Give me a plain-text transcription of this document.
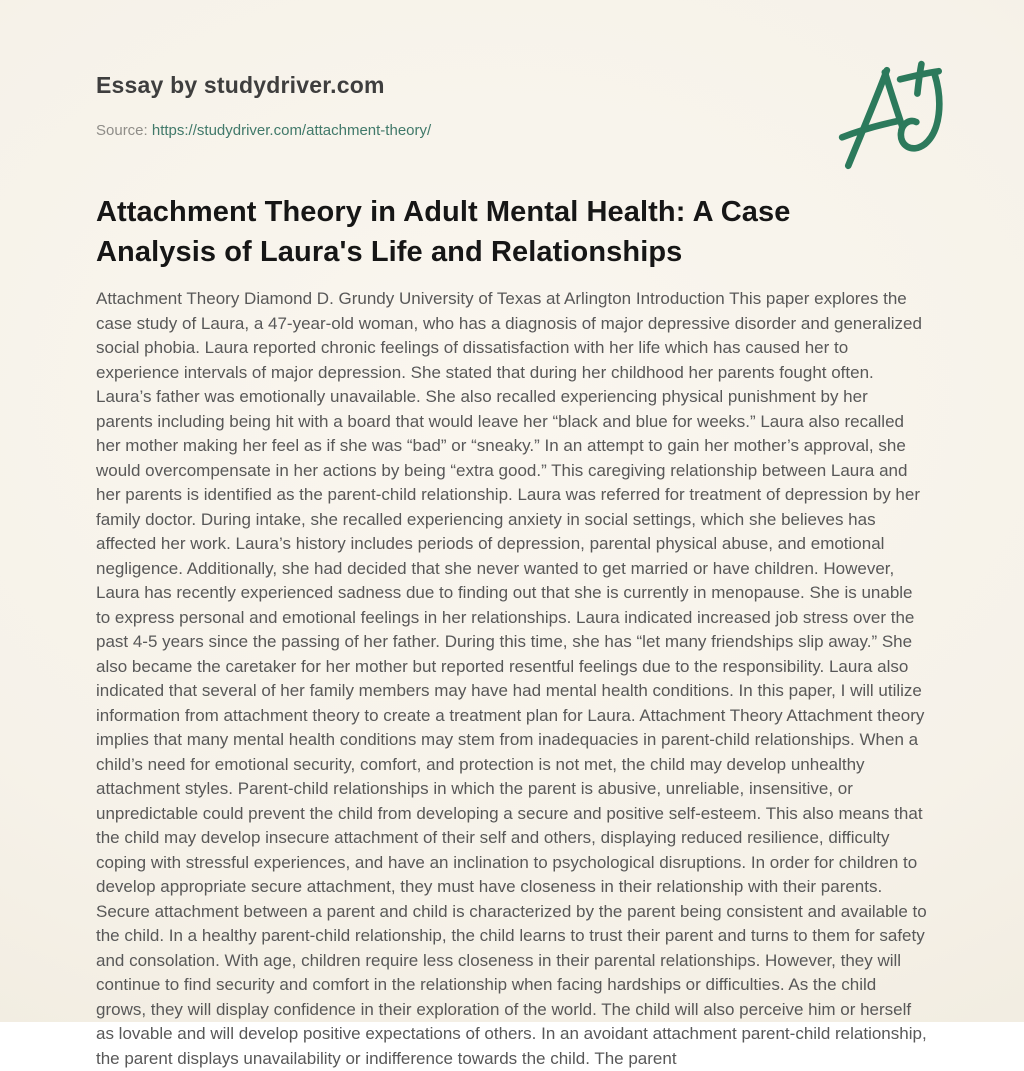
Essay by studydriver.com
Source: https://studydriver.com/attachment-theory/
Attachment Theory in Adult Mental Health: A Case Analysis of Laura's Life and Relationships

Attachment Theory Diamond D. Grundy University of Texas at Arlington Introduction This paper explores the case study of Laura, a 47-year-old woman, who has a diagnosis of major depressive disorder and generalized social phobia. Laura reported chronic feelings of dissatisfaction with her life which has caused her to experience intervals of major depression. She stated that during her childhood her parents fought often. Laura’s father was emotionally unavailable. She also recalled experiencing physical punishment by her parents including being hit with a board that would leave her “black and blue for weeks.” Laura also recalled her mother making her feel as if she was “bad” or “sneaky.” In an attempt to gain her mother’s approval, she would overcompensate in her actions by being “extra good.” This caregiving relationship between Laura and her parents is identified as the parent-child relationship. Laura was referred for treatment of depression by her family doctor. During intake, she recalled experiencing anxiety in social settings, which she believes has affected her work. Laura’s history includes periods of depression, parental physical abuse, and emotional negligence. Additionally, she had decided that she never wanted to get married or have children. However, Laura has recently experienced sadness due to finding out that she is currently in menopause. She is unable to express personal and emotional feelings in her relationships. Laura indicated increased job stress over the past 4-5 years since the passing of her father. During this time, she has “let many friendships slip away.” She also became the caretaker for her mother but reported resentful feelings due to the responsibility. Laura also indicated that several of her family members may have had mental health conditions. In this paper, I will utilize information from attachment theory to create a treatment plan for Laura. Attachment Theory Attachment theory implies that many mental health conditions may stem from inadequacies in parent-child relationships. When a child’s need for emotional security, comfort, and protection is not met, the child may develop unhealthy attachment styles. Parent-child relationships in which the parent is abusive, unreliable, insensitive, or unpredictable could prevent the child from developing a secure and positive self-esteem. This also means that the child may develop insecure attachment of their self and others, displaying reduced resilience, difficulty coping with stressful experiences, and have an inclination to psychological disruptions. In order for children to develop appropriate secure attachment, they must have closeness in their relationship with their parents. Secure attachment between a parent and child is characterized by the parent being consistent and available to the child. In a healthy parent-child relationship, the child learns to trust their parent and turns to them for safety and consolation. With age, children require less closeness in their parental relationships. However, they will continue to find security and comfort in the relationship when facing hardships or difficulties. As the child grows, they will display confidence in their exploration of the world. The child will also perceive him or herself as lovable and will develop positive expectations of others. In an avoidant attachment parent-child relationship, the parent displays unavailability or indifference towards the child. The parent
